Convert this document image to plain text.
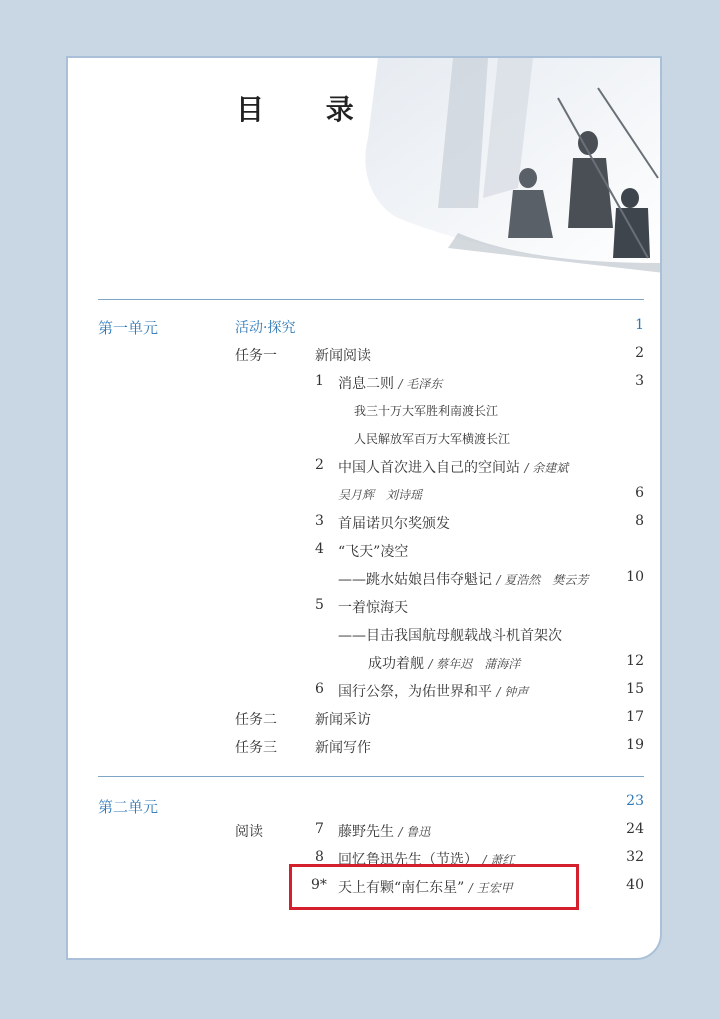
目 录
第一单元	活动·探究	1
任务一	新闻阅读	2
1 消息二则 / 毛泽东	3
我三十万大军胜利南渡长江
人民解放军百万大军横渡长江
2 中国人首次进入自己的空间站 / 余建斌
吴月辉　刘诗瑶	6
3 首届诺贝尔奖颁发	8
4 “飞天”凌空
——跳水姑娘吕伟夺魁记 / 夏浩然　樊云芳	10
5 一着惊海天
——目击我国航母舰载战斗机首架次
成功着舰 / 蔡年迟　蒲海洋	12
6 国行公祭，为佑世界和平 / 钟声	15
任务二	新闻采访	17
任务三	新闻写作	19
第二单元	23
阅读	7 藤野先生 / 鲁迅	24
8 回忆鲁迅先生（节选） / 萧红	32
9* 天上有颗“南仁东星” / 王宏甲	40
